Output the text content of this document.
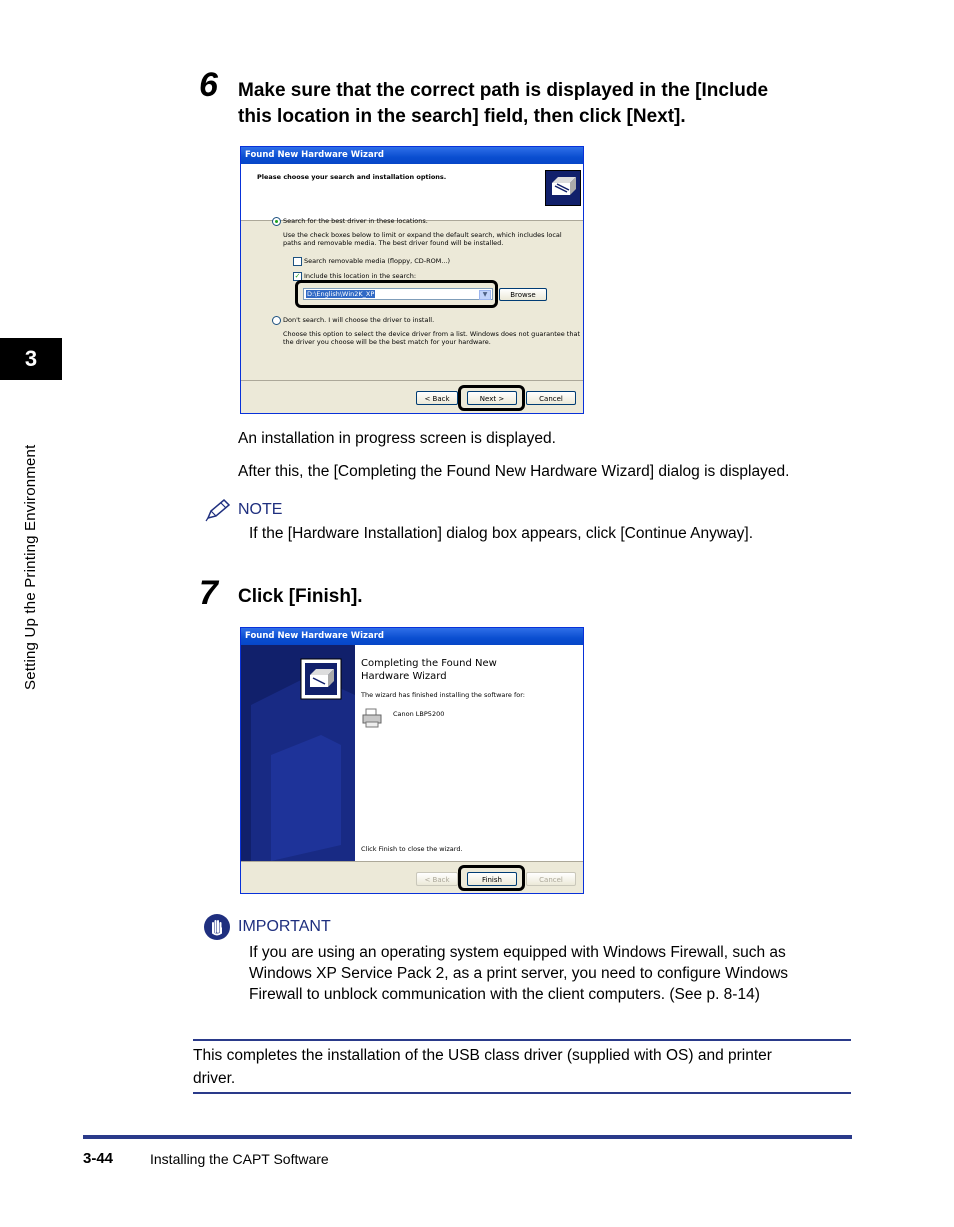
3
Setting Up the Printing Environment
6 Make sure that the correct path is displayed in the [Include
this location in the search] field, then click [Next].
Found New Hardware Wizard
Please choose your search and installation options.
Search for the best driver in these locations.
Use the check boxes below to limit or expand the default search, which includes local
paths and removable media. The best driver found will be installed.
Search removable media (floppy, CD-ROM...)
✓ Include this location in the search:
D:\English\Win2K_XP	▼	Browse
Don't search. I will choose the driver to install.
Choose this option to select the device driver from a list. Windows does not guarantee that
the driver you choose will be the best match for your hardware.
< Back	Next >	Cancel
An installation in progress screen is displayed.
After this, the [Completing the Found New Hardware Wizard] dialog is displayed.
NOTE
If the [Hardware Installation] dialog box appears, click [Continue Anyway].
7 Click [Finish].
Found New Hardware Wizard
Completing the Found New
Hardware Wizard
The wizard has finished installing the software for:
Canon LBP5200
Click Finish to close the wizard.
< Back	Finish	Cancel
IMPORTANT
If you are using an operating system equipped with Windows Firewall, such as
Windows XP Service Pack 2, as a print server, you need to configure Windows
Firewall to unblock communication with the client computers. (See p. 8-14)
This completes the installation of the USB class driver (supplied with OS) and printer
driver.
3-44	Installing the CAPT Software
